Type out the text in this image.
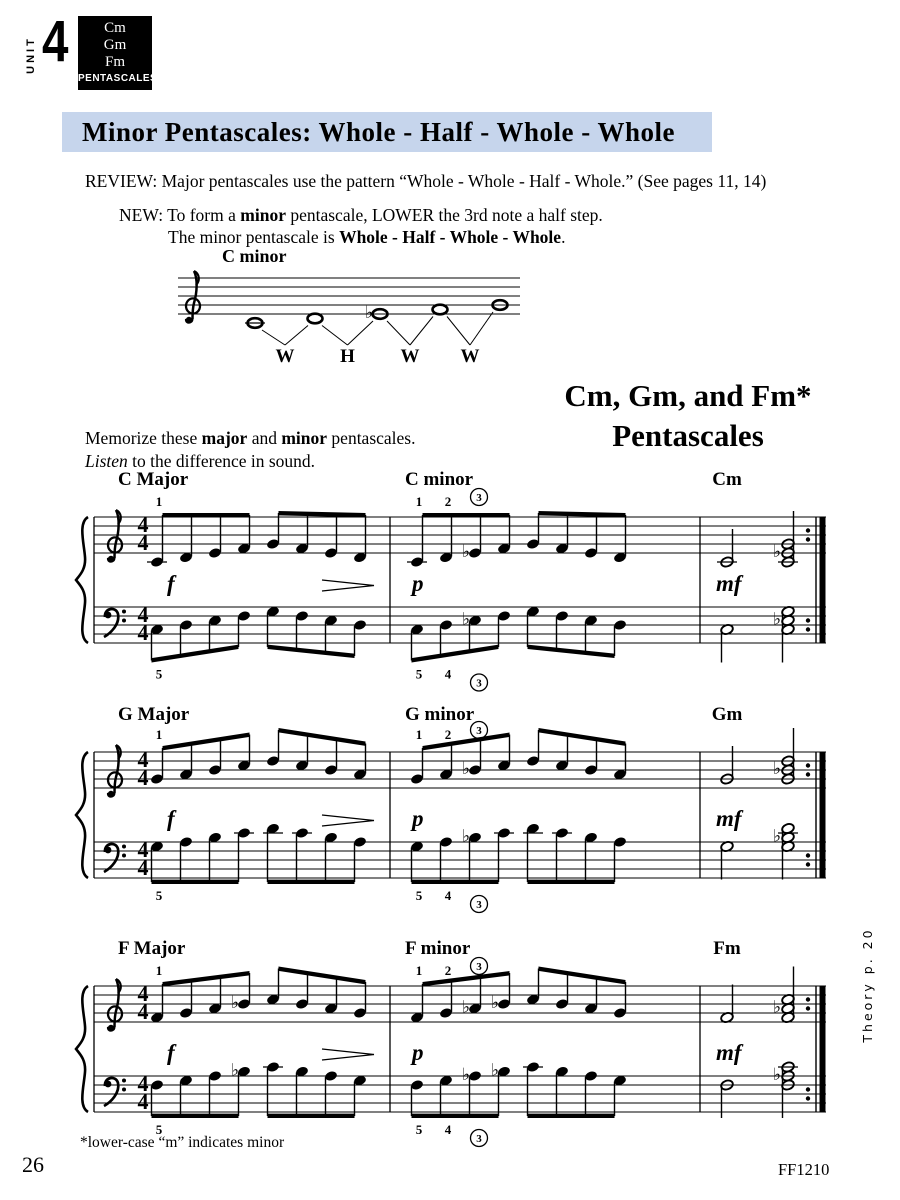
4
UNIT
Cm
Gm
Fm
PENTASCALES
Minor Pentascales: Whole - Half - Whole - Whole
REVIEW: Major pentascales use the pattern “Whole - Whole - Half - Whole.” (See pages 11, 14)
NEW: To form a minor pentascale, LOWER the 3rd note a half step.
The minor pentascale is Whole - Half - Whole - Whole.
C minor
♭
W H W W
Cm, Gm, and Fm*
Pentascales
Memorize these major and minor pentascales.
Listen to the difference in sound.
4
4
4
4
C Major	C minor	Cm
♭
♭
♭
♭
1	1 2 3
5	5 4
3
f	p	mf
4
4
4
4
G Major	G minor	Gm
♭
♭
♭
♭
1	1 2 3
5	5 4
3
f	p	mf
4
4
4
4
F Major	F minor	Fm
♭	♭ ♭
♭	♭ ♭
♭
♭
1	1 2 3
5	5 4
3
f	p	mf
Theory p. 20
*lower-case “m” indicates minor
26	FF1210
